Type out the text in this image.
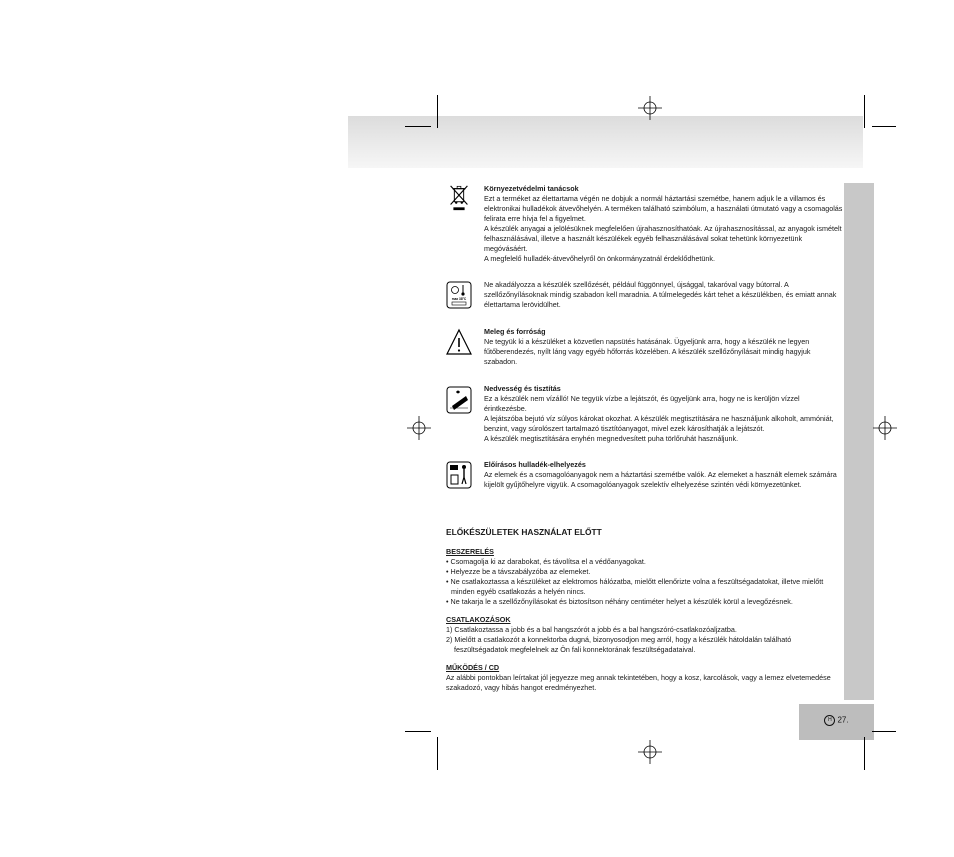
H 27.
Környezetvédelmi tanácsok
Ezt a terméket az élettartama végén ne dobjuk a normál háztartási szemétbe, hanem adjuk le a villamos és elektronikai hulladékok átvevőhelyén. A terméken található szimbólum, a használati útmutató vagy a csomagolás felirata erre hívja fel a figyelmet.
A készülék anyagai a jelölésüknek megfelelően újrahasznosíthatóak. Az újrahasznosítással, az anyagok ismételt felhasználásával, illetve a használt készülékek egyéb felhasználásával sokat tehetünk környezetünk megóvásáért.
A megfelelő hulladék-átvevőhelyről ön önkormányzatnál érdeklődhetünk.
max 38°C
Ne akadályozza a készülék szellőzését, például függönnyel, újsággal, takaróval vagy bútorral. A szellőzőnyílásoknak mindig szabadon kell maradnia. A túlmelegedés kárt tehet a készülékben, és emiatt annak élettartama lerövidülhet.
Meleg és forróság
Ne tegyük ki a készüléket a közvetlen napsütés hatásának. Ügyeljünk arra, hogy a készülék ne legyen fűtőberendezés, nyílt láng vagy egyéb hőforrás közelében. A készülék szellőzőnyílásait mindig hagyjuk szabadon.
Nedvesség és tisztítás
Ez a készülék nem vízálló! Ne tegyük vízbe a lejátszót, és ügyeljünk arra, hogy ne is kerüljön vízzel érintkezésbe.
A lejátszóba bejutó víz súlyos károkat okozhat. A készülék megtisztítására ne használjunk alkoholt, ammóniát, benzint, vagy súrolószert tartalmazó tisztítóanyagot, mivel ezek károsíthatják a lejátszót.
A készülék megtisztítására enyhén megnedvesített puha törlőruhát használjunk.
Előírásos hulladék-elhelyezés
Az elemek és a csomagolóanyagok nem a háztartási szemétbe valók. Az elemeket a használt elemek számára kijelölt gyűjtőhelyre vigyük. A csomagolóanyagok szelektív elhelyezése szintén védi környezetünket.
ELŐKÉSZÜLETEK HASZNÁLAT ELŐTT
BESZERELÉS
• Csomagolja ki az darabokat, és távolítsa el a védőanyagokat.
• Helyezze be a távszabályzóba az elemeket.
• Ne csatlakoztassa a készüléket az elektromos hálózatba, mielőtt ellenőrizte volna a feszültségadatokat, illetve mielőtt minden egyéb csatlakozás a helyén nincs.
• Ne takarja le a szellőzőnyílásokat és biztosítson néhány centiméter helyet a készülék körül a levegőzésnek.
CSATLAKOZÁSOK
1) Csatlakoztassa a jobb és a bal hangszórót a jobb és a bal hangszóró-csatlakozóaljzatba.
2) Mielőtt a csatlakozót a konnektorba dugná, bizonyosodjon meg arról, hogy a készülék hátoldalán található feszültségadatok megfelelnek az Ön fali konnektorának feszültségadataival.
MŰKÖDÉS / CD
Az alábbi pontokban leírtakat jól jegyezze meg annak tekintetében, hogy a kosz, karcolások, vagy a lemez elvetemedése szakadozó, vagy hibás hangot eredményezhet.
